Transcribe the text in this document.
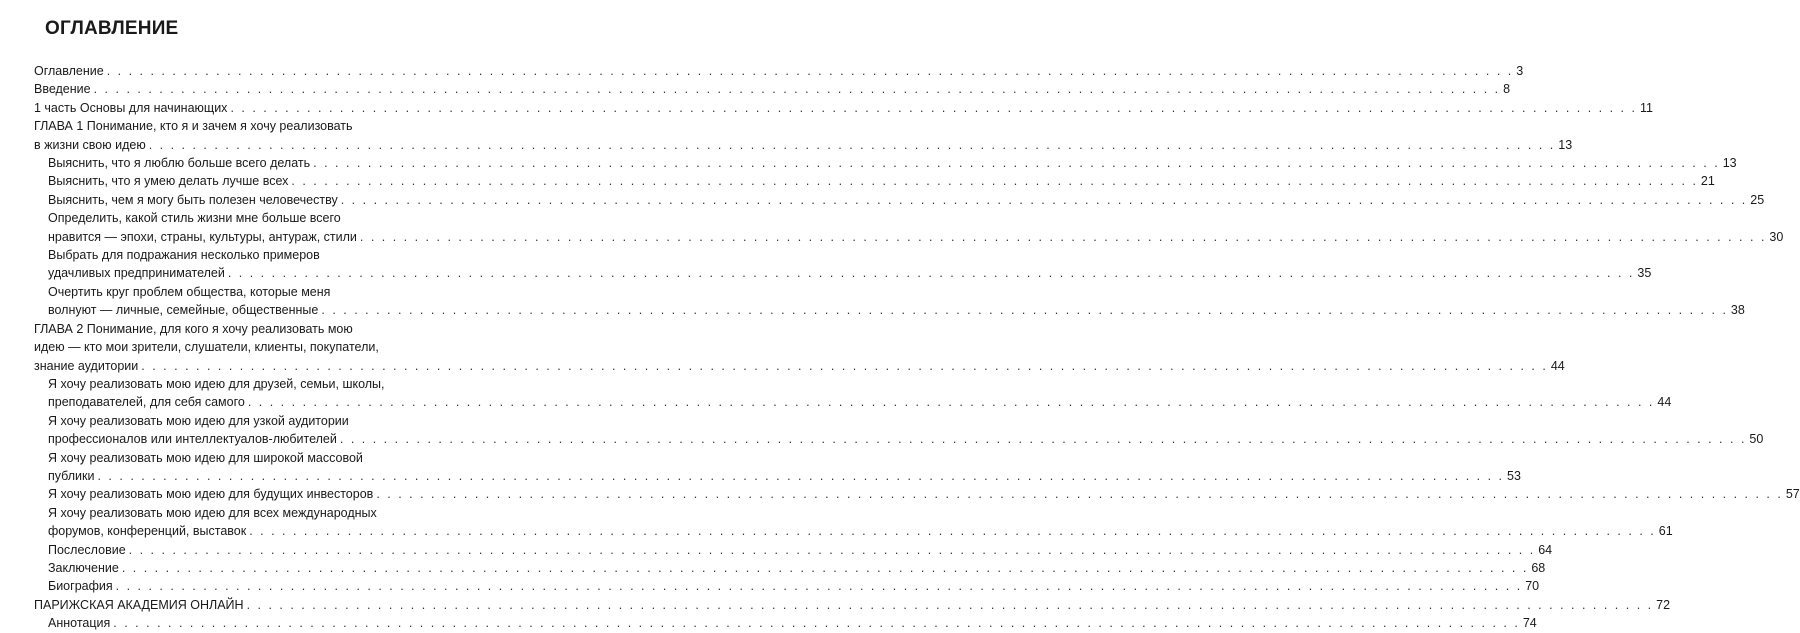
ОГЛАВЛЕНИЕ
Оглавление . . .	3
Введение . . .	8
1 часть Основы для начинающих . . .	11
ГЛАВА 1 Понимание, кто я и зачем я хочу реализовать
в жизни свою идею . . .	13
Выяснить, что я люблю больше всего делать . . .	13
Выяснить, что я умею делать лучше всех . . .	21
Выяснить, чем я могу быть полезен человечеству . . .	25
Определить, какой стиль жизни мне больше всего
нравится — эпохи, страны, культуры, антураж, стили . . .	30
Выбрать для подражания несколько примеров
удачливых предпринимателей . . .	35
Очертить круг проблем общества, которые меня
волнуют — личные, семейные, общественные . . .	38
ГЛАВА 2 Понимание, для кого я хочу реализовать мою
идею — кто мои зрители, слушатели, клиенты, покупатели,
знание аудитории . . .	44
Я хочу реализовать мою идею для друзей, семьи, школы,
преподавателей, для себя самого . . .	44
Я хочу реализовать мою идею для узкой аудитории
профессионалов или интеллектуалов-любителей . . .	50
Я хочу реализовать мою идею для широкой массовой
публики . . .	53
Я хочу реализовать мою идею для будущих инвесторов . . .	57
Я хочу реализовать мою идею для всех международных
форумов, конференций, выставок . . .	61
Послесловие . . .	64
Заключение . . .	68
Биография . . .	70
ПАРИЖСКАЯ АКАДЕМИЯ ОНЛАЙН . . .	72
Аннотация . . .	74
